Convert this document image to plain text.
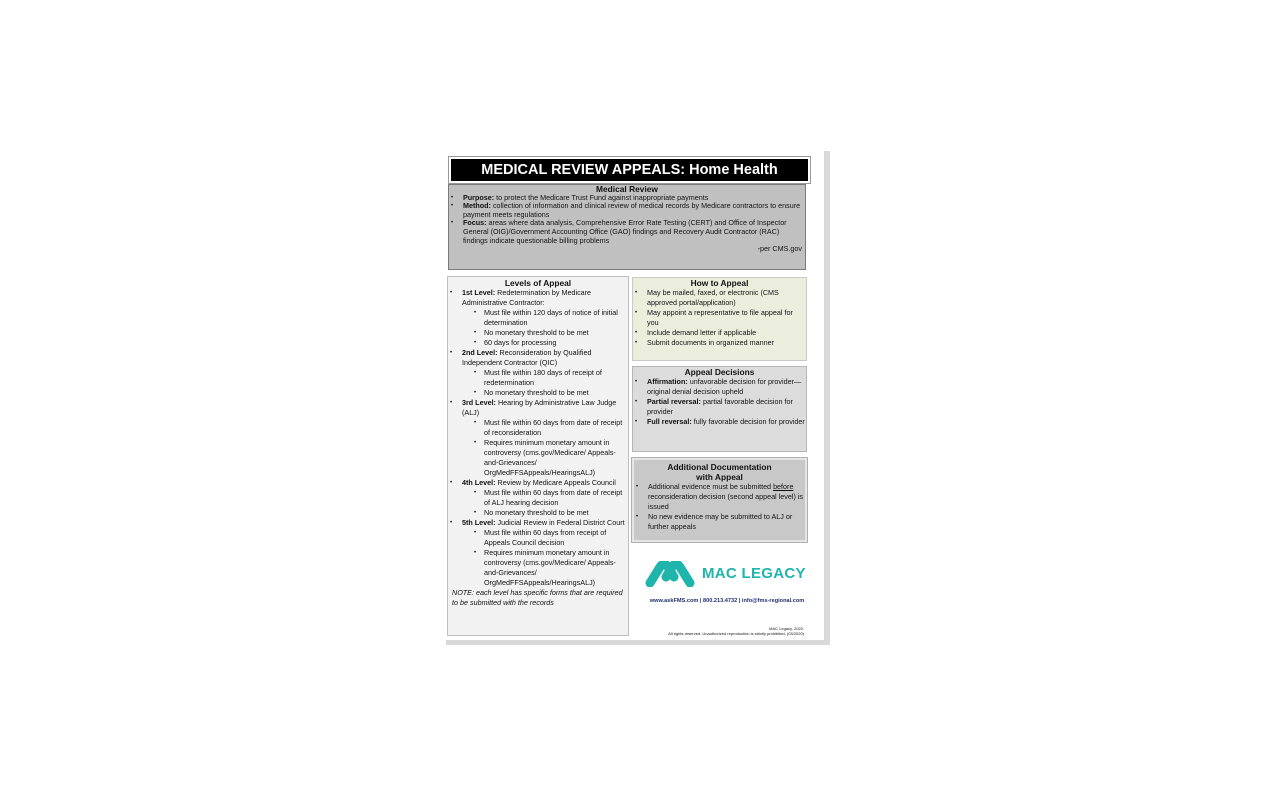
MEDICAL REVIEW APPEALS: Home Health
Medical Review
• Purpose: to protect the Medicare Trust Fund against inappropriate payments
• Method: collection of information and clinical review of medical records by Medicare contractors to ensure payment meets regulations
• Focus: areas where data analysis, Comprehensive Error Rate Testing (CERT) and Office of Inspector General (OIG)/Government Accounting Office (GAO) findings and Recovery Audit Contractor (RAC) findings indicate questionable billing problems
-per CMS.gov
Levels of Appeal
• 1st Level: Redetermination by Medicare Administrative Contractor:
• Must file within 120 days of notice of initial determination
• No monetary threshold to be met
• 60 days for processing
• 2nd Level: Reconsideration by Qualified Independent Contractor (QIC)
• Must file within 180 days of receipt of redetermination
• No monetary threshold to be met
• 3rd Level: Hearing by Administrative Law Judge (ALJ)
• Must file within 60 days from date of receipt of reconsideration
• Requires minimum monetary amount in controversy (cms.gov/Medicare/ Appeals-and-Grievances/ OrgMedFFSAppeals/HearingsALJ)
• 4th Level: Review by Medicare Appeals Council
• Must file within 60 days from date of receipt of ALJ hearing decision
• No monetary threshold to be met
• 5th Level: Judicial Review in Federal District Court
• Must file within 60 days from receipt of Appeals Council decision
• Requires minimum monetary amount in controversy (cms.gov/Medicare/ Appeals-and-Grievances/ OrgMedFFSAppeals/HearingsALJ)
NOTE: each level has specific forms that are required to be submitted with the records
How to Appeal
• May be mailed, faxed, or electronic (CMS approved portal/application)
• May appoint a representative to file appeal for you
• Include demand letter if applicable
• Submit documents in organized manner
Appeal Decisions
• Affirmation: unfavorable decision for provider—original denial decision upheld
• Partial reversal: partial favorable decision for provider
• Full reversal: fully favorable decision for provider
Additional Documentation
with Appeal
• Additional evidence must be submitted before reconsideration decision (second appeal level) is issued
• No new evidence may be submitted to ALJ or further appeals
MAC LEGACY
www.askFMS.com | 800.213.4732 | info@fms-regional.com
MAC Legacy, 2020.
All rights reserved. Unauthorized reproduction is strictly prohibited. (03/2020)
